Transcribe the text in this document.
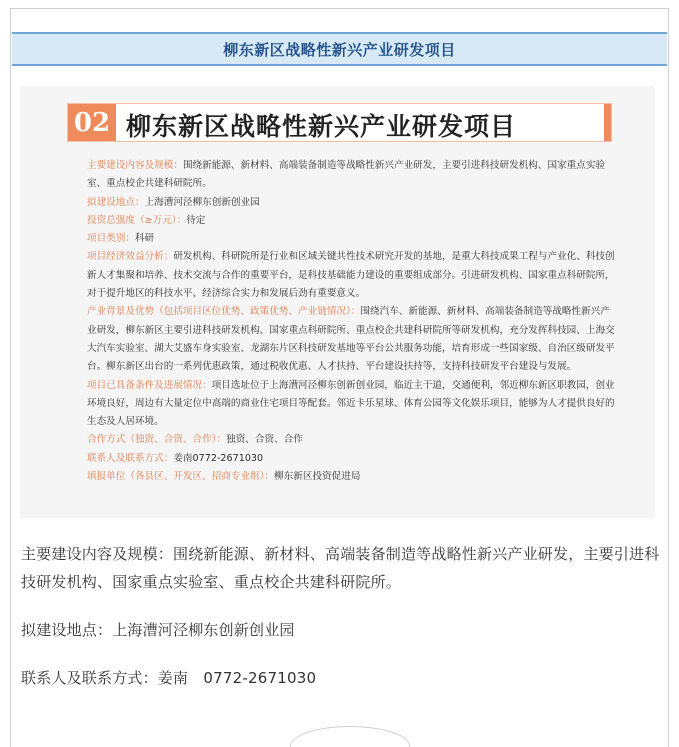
柳东新区战略性新兴产业研发项目
02 柳东新区战略性新兴产业研发项目

主要建设内容及规模：围绕新能源、新材料、高端装备制造等战略性新兴产业研发，主要引进科技研发机构、国家重点实验室、重点校企共建科研院所。

拟建设地点：上海漕河泾柳东创新创业园

投资总强度（≥万元）：待定

项目类别：科研

项目经济效益分析：研发机构、科研院所是行业和区域关键共性技术研究开发的基地，是重大科技成果工程与产业化、科技创新人才集聚和培养、技术交流与合作的重要平台，是科技基础能力建设的重要组成部分。引进研发机构、国家重点科研院所，对于提升地区的科技水平、经济综合实力和发展后劲有重要意义。

产业背景及优势（包括项目区位优势、政策优势、产业链情况）：围绕汽车、新能源、新材料、高端装备制造等战略性新兴产业研发，柳东新区主要引进科技研发机构、国家重点科研院所、重点校企共建科研院所等研发机构，充分发挥科技园、上海交大汽车实验室、湖大艾盛车身实验室、龙湖东片区科技研发基地等平台公共服务功能，培育形成一些国家级、自治区级研发平台。柳东新区出台的一系列优惠政策，通过税收优惠、人才扶持、平台建设扶持等，支持科技研发平台建设与发展。

项目已具备条件及进展情况：项目选址位于上海漕河泾柳东创新创业园，临近主干道，交通便利，邻近柳东新区职教园，创业环境良好，周边有大量定位中高端的商业住宅项目等配套。邻近卡乐星球、体育公园等文化娱乐项目，能够为人才提供良好的生态及人居环境。

合作方式（独资、合资、合作）：独资、合资、合作

联系人及联系方式：姜南0772-2671030

填报单位（各县区、开发区、招商专业组）：柳东新区投资促进局

主要建设内容及规模：围绕新能源、新材料、高端装备制造等战略性新兴产业研发，主要引进科技研发机构、国家重点实验室、重点校企共建科研院所。

拟建设地点：上海漕河泾柳东创新创业园

联系人及联系方式：姜南　0772-2671030
